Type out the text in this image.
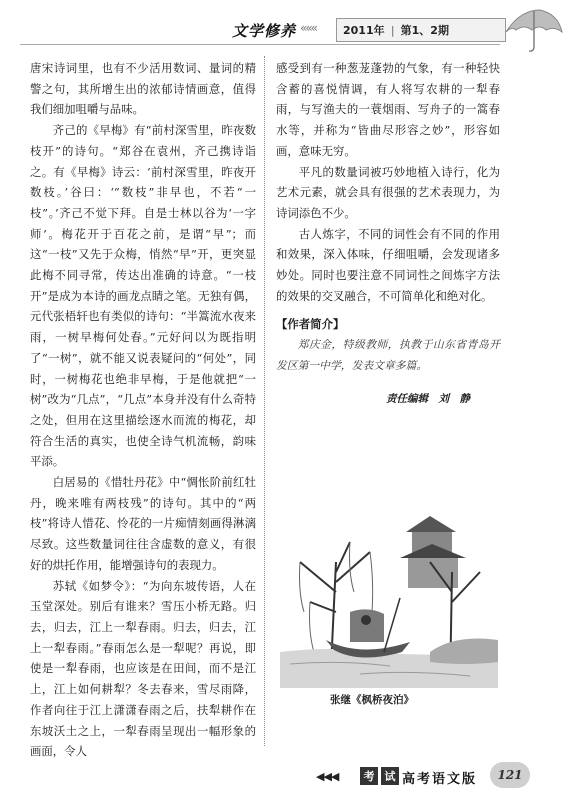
文学修养 «««	2011年 | 第1、2期

唐宋诗词里，也有不少活用数词、量词的精警之句，其所增生出的浓郁诗情画意，值得我们细加咀嚼与品味。

齐己的《早梅》有“前村深雪里，昨夜数枝开”的诗句。“郑谷在袁州，齐己携诗诣之。有《早梅》诗云：‘前村深雪里，昨夜开数枝。’谷曰：‘“数枝”非早也，不若“一枝”。’齐己不觉下拜。自是士林以谷为‘一字师’。梅花开于百花之前，是谓“早”；而这“一枝”又先于众梅，悄然“早”开，更突显此梅不同寻常，传达出准确的诗意。“一枝开”是成为本诗的画龙点睛之笔。无独有偶，元代张梧轩也有类似的诗句：“半篙流水夜来雨，一树早梅何处春。”元好问以为既指明了“一树”，就不能又说表疑问的“何处”，同时，一树梅花也绝非早梅，于是他就把“一树”改为“几点”，“几点”本身并没有什么奇特之处，但用在这里描绘逐水而流的梅花，却符合生活的真实，也使全诗气机流畅，韵味平添。

白居易的《惜牡丹花》中“惆怅阶前红牡丹，晚来唯有两枝残”的诗句。其中的“两枝”将诗人惜花、怜花的一片痴情刻画得淋漓尽致。这些数量词往往含虚数的意义，有很好的烘托作用，能增强诗句的表现力。

苏轼《如梦令》：“为向东坡传语，人在玉堂深处。别后有谁来？雪压小桥无路。归去，归去，江上一犁春雨。归去，归去，江上一犁春雨。”春雨怎么是一犁呢？再说，即使是一犁春雨，也应该是在田间，而不是江上，江上如何耕犁？冬去春来，雪尽雨降，作者向往于江上潇潇春雨之后，扶犁耕作在东坡沃土之上，一犁春雨呈现出一幅形象的画面，令人

感受到有一种葱茏蓬勃的气象，有一种轻快含蓄的喜悦情调，有人将写农耕的一犁春雨，与写渔夫的一蓑烟雨、写舟子的一篙春水等，并称为“皆曲尽形容之妙”，形容如画，意味无穷。

平凡的数量词被巧妙地植入诗行，化为艺术元素，就会具有很强的艺术表现力，为诗词添色不少。

古人炼字，不同的词性会有不同的作用和效果，深入体味，仔细咀嚼，会发现诸多妙处。同时也要注意不同词性之间炼字方法的效果的交叉融合，不可简单化和绝对化。

【作者简介】

郑庆金，特级教师，执教于山东省青岛开发区第一中学，发表文章多篇。

责任编辑　刘　静

张继《枫桥夜泊》
◀◀◀	考 试 高考语文版	121
